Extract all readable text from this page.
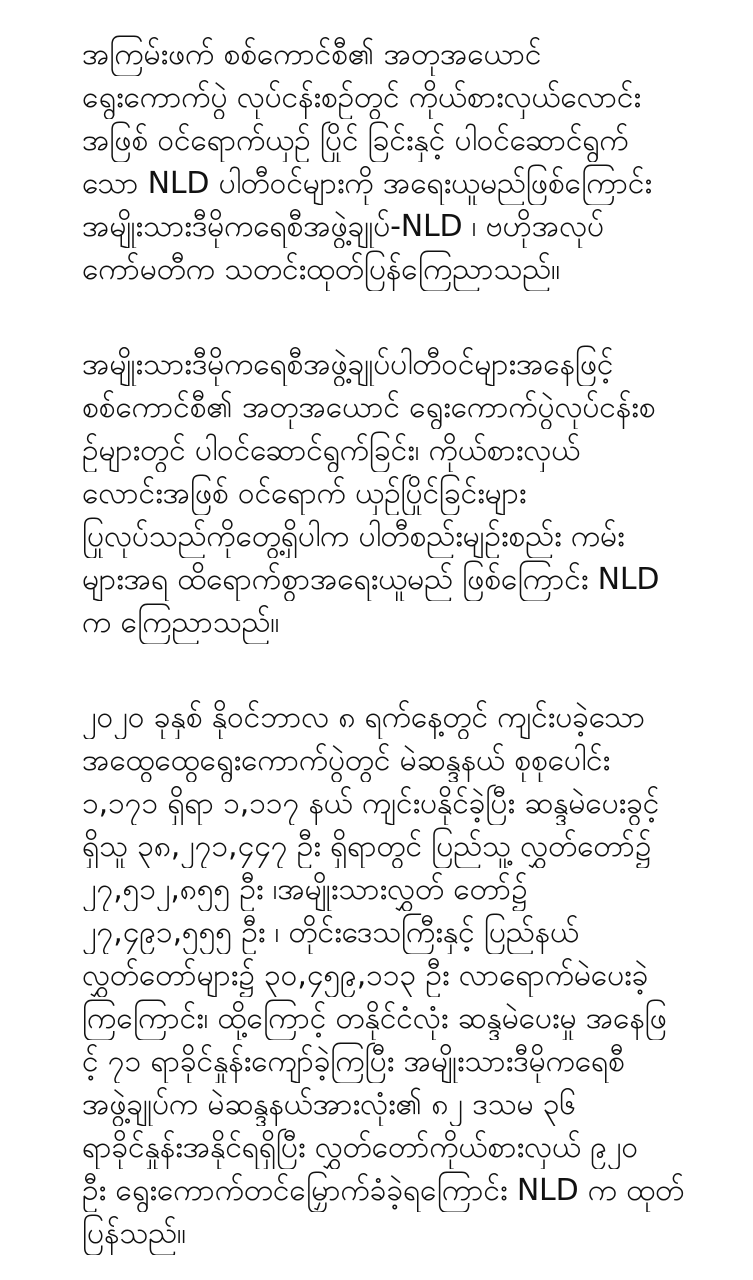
အကြမ်းဖက် စစ်ကောင်စီ၏ အတုအယောင်
ရွေးကောက်ပွဲ လုပ်ငန်းစဉ်တွင် ကိုယ်စားလှယ်လောင်း
အဖြစ် ဝင်ရောက်ယှဉ် ပြိုင် ခြင်းနှင့် ပါဝင်ဆောင်ရွက်
သော NLD ပါတီဝင်များကို အရေးယူမည်ဖြစ်ကြောင်း
အမျိုးသားဒီမိုကရေစီအဖွဲ့ချုပ်-NLD ၊ ဗဟိုအလုပ်
ကော်မတီက သတင်းထုတ်ပြန်ကြေညာသည်။
အမျိုးသားဒီမိုကရေစီအဖွဲ့ချုပ်ပါတီဝင်များအနေဖြင့်
စစ်ကောင်စီ၏ အတုအယောင် ရွေးကောက်ပွဲလုပ်ငန်းစ
ဉ်များတွင် ပါဝင်ဆောင်ရွက်ခြင်း၊ ကိုယ်စားလှယ်
လောင်းအဖြစ် ဝင်ရောက် ယှဉ်ပြိုင်ခြင်းများ
ပြုလုပ်သည်ကိုတွေ့ရှိပါက ပါတီစည်းမျဉ်းစည်း ကမ်း
များအရ ထိရောက်စွာအရေးယူမည် ဖြစ်ကြောင်း NLD
က ကြေညာသည်။
၂၀၂၀ ခုနှစ် နိုဝင်ဘာလ ၈ ရက်နေ့တွင် ကျင်းပခဲ့သော
အထွေထွေရွေးကောက်ပွဲတွင် မဲဆန္ဒနယ် စုစုပေါင်း
၁,၁၇၁ ရှိရာ ၁,၁၁၇ နယ် ကျင်းပနိုင်ခဲ့ပြီး ဆန္ဒမဲပေးခွင့်
ရှိသူ ၃၈,၂၇၁,၄၄၇ ဦး ရှိရာတွင် ပြည်သူ့ လွှတ်တော်၌
၂၇,၅၁၂,၈၅၅ ဦး ၊အမျိုးသားလွှတ် တော်၌
၂၇,၄၉၁,၅၅၅ ဦး ၊ တိုင်းဒေသကြီးနှင့် ပြည်နယ်
လွှတ်တော်များ၌ ၃၀,၄၅၉,၁၁၃ ဦး လာရောက်မဲပေးခဲ့
ကြကြောင်း၊ ထို့ကြောင့် တနိုင်ငံလုံး ဆန္ဒမဲပေးမှု အနေဖြ
င့် ၇၁ ရာခိုင်နှုန်းကျော်ခဲ့ကြပြီး အမျိုးသားဒီမိုကရေစီ
အဖွဲ့ချုပ်က မဲဆန္ဒနယ်အားလုံး၏ ၈၂ ဒသမ ၃၆
ရာခိုင်နှုန်းအနိုင်ရရှိပြီး လွှတ်တော်ကိုယ်စားလှယ် ၉၂၀
ဦး ရွေးကောက်တင်မြှောက်ခံခဲ့ရကြောင်း NLD က ထုတ်
ပြန်သည်။
